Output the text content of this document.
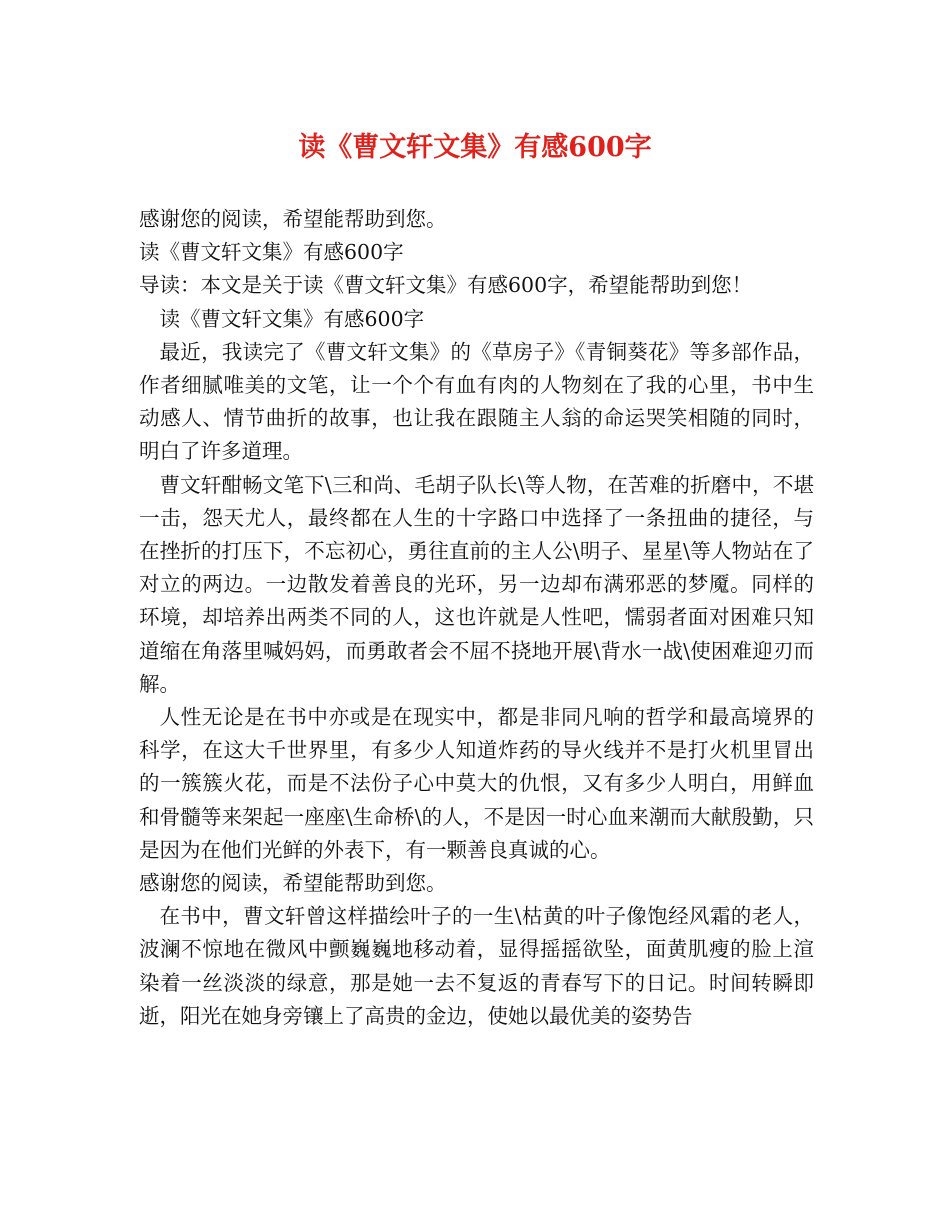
读《曹文轩文集》有感600字

感谢您的阅读，希望能帮助到您。

读《曹文轩文集》有感600字

导读：本文是关于读《曹文轩文集》有感600字，希望能帮助到您！

读《曹文轩文集》有感600字

最近，我读完了《曹文轩文集》的《草房子》《青铜葵花》等多部作品，作者细腻唯美的文笔，让一个个有血有肉的人物刻在了我的心里，书中生动感人、情节曲折的故事，也让我在跟随主人翁的命运哭笑相随的同时，明白了许多道理。

曹文轩酣畅文笔下\三和尚、毛胡子队长\等人物，在苦难的折磨中，不堪一击，怨天尤人，最终都在人生的十字路口中选择了一条扭曲的捷径，与在挫折的打压下，不忘初心，勇往直前的主人公\明子、星星\等人物站在了对立的两边。一边散发着善良的光环，另一边却布满邪恶的梦魇。同样的环境，却培养出两类不同的人，这也许就是人性吧，懦弱者面对困难只知道缩在角落里喊妈妈，而勇敢者会不屈不挠地开展\背水一战\使困难迎刃而解。

人性无论是在书中亦或是在现实中，都是非同凡响的哲学和最高境界的科学，在这大千世界里，有多少人知道炸药的导火线并不是打火机里冒出的一簇簇火花，而是不法份子心中莫大的仇恨，又有多少人明白，用鲜血和骨髓等来架起一座座\生命桥\的人，不是因一时心血来潮而大献殷勤，只是因为在他们光鲜的外表下，有一颗善良真诚的心。

感谢您的阅读，希望能帮助到您。

在书中，曹文轩曾这样描绘叶子的一生\枯黄的叶子像饱经风霜的老人，波澜不惊地在微风中颤巍巍地移动着，显得摇摇欲坠，面黄肌瘦的脸上渲染着一丝淡淡的绿意，那是她一去不复返的青春写下的日记。时间转瞬即逝，阳光在她身旁镶上了高贵的金边，使她以最优美的姿势告
